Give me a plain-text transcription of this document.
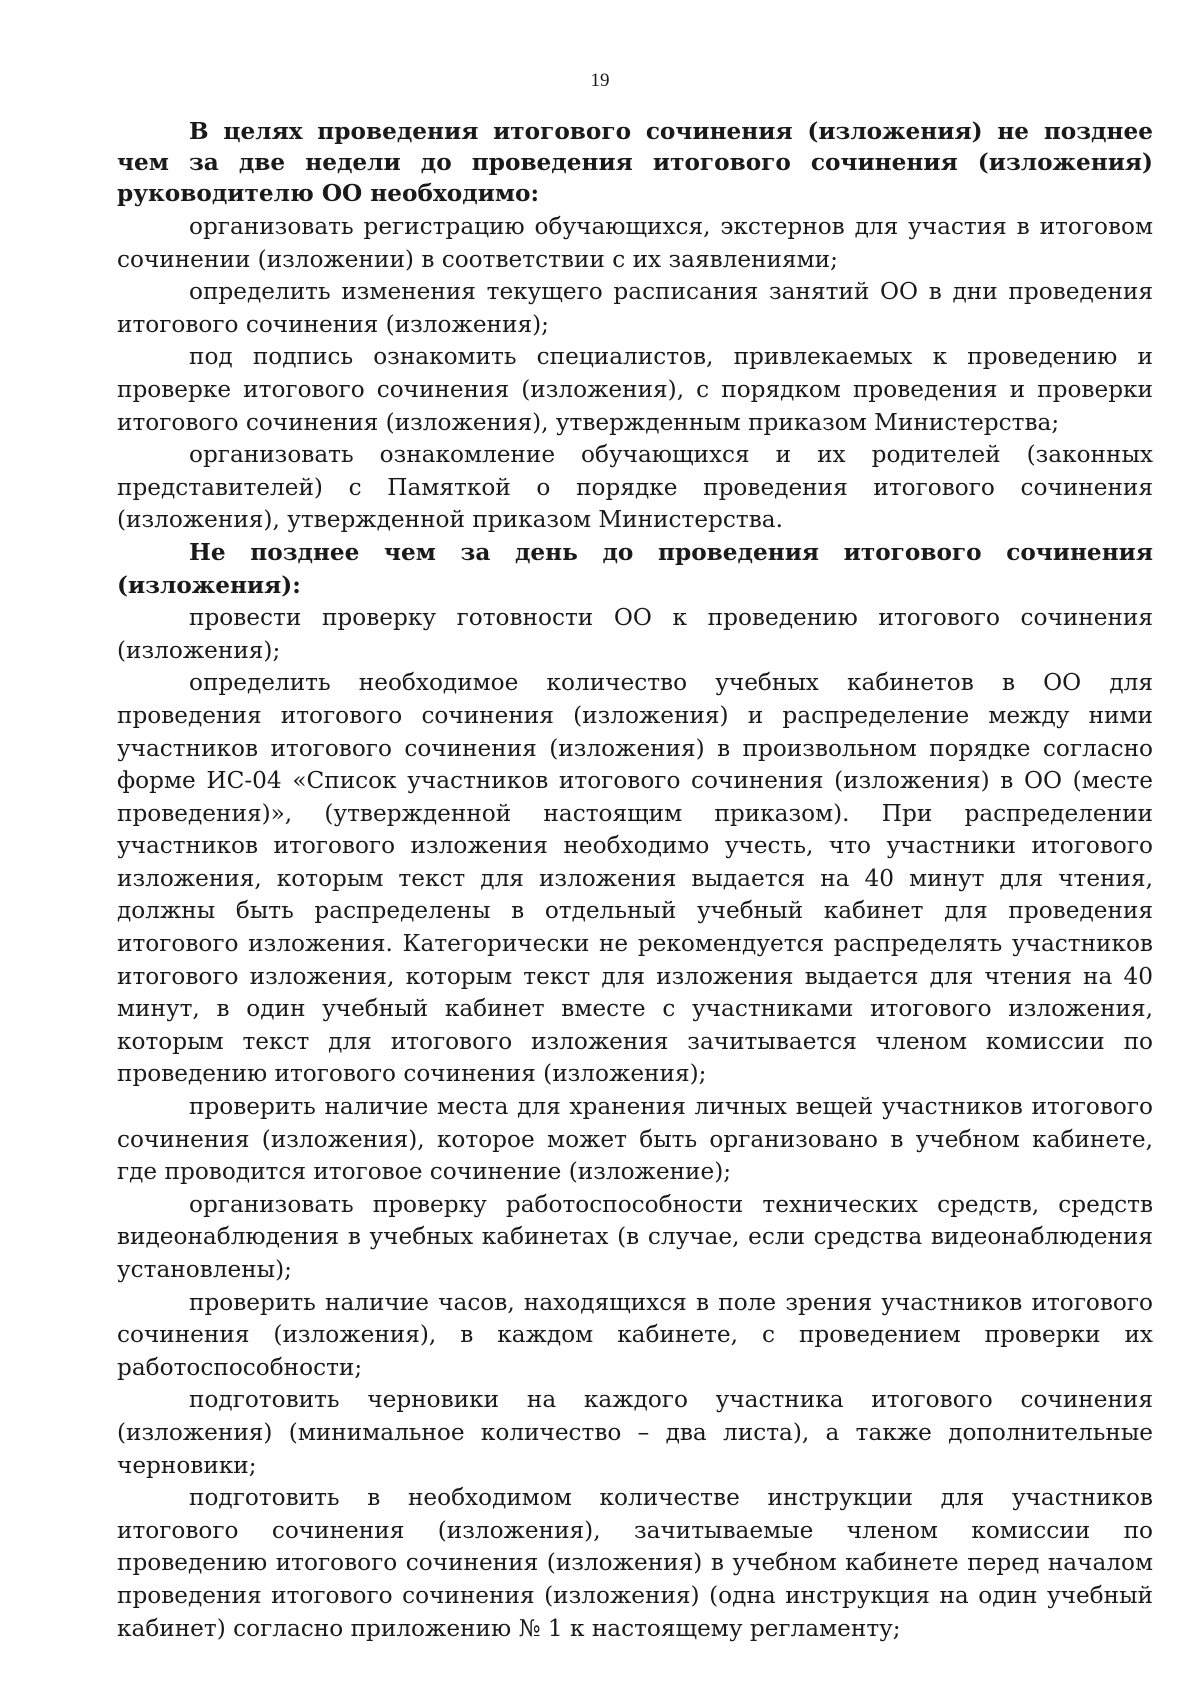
19

В целях проведения итогового сочинения (изложения) не позднее чем за две недели до проведения итогового сочинения (изложения) руководителю ОО необходимо:

организовать регистрацию обучающихся, экстернов для участия в итоговом сочинении (изложении) в соответствии с их заявлениями;

определить изменения текущего расписания занятий ОО в дни проведения итогового сочинения (изложения);

под подпись ознакомить специалистов, привлекаемых к проведению и проверке итогового сочинения (изложения), с порядком проведения и проверки итогового сочинения (изложения), утвержденным приказом Министерства;

организовать ознакомление обучающихся и их родителей (законных представителей) с Памяткой о порядке проведения итогового сочинения (изложения), утвержденной приказом Министерства.

Не позднее чем за день до проведения итогового сочинения (изложения):

провести проверку готовности ОО к проведению итогового сочинения (изложения);

определить необходимое количество учебных кабинетов в ОО для проведения итогового сочинения (изложения) и распределение между ними участников итогового сочинения (изложения) в произвольном порядке согласно форме ИС-04 «Список участников итогового сочинения (изложения) в ОО (месте проведения)», (утвержденной настоящим приказом). При распределении участников итогового изложения необходимо учесть, что участники итогового изложения, которым текст для изложения выдается на 40 минут для чтения, должны быть распределены в отдельный учебный кабинет для проведения итогового изложения. Категорически не рекомендуется распределять участников итогового изложения, которым текст для изложения выдается для чтения на 40 минут, в один учебный кабинет вместе с участниками итогового изложения, которым текст для итогового изложения зачитывается членом комиссии по проведению итогового сочинения (изложения);

проверить наличие места для хранения личных вещей участников итогового сочинения (изложения), которое может быть организовано в учебном кабинете, где проводится итоговое сочинение (изложение);

организовать проверку работоспособности технических средств, средств видеонаблюдения в учебных кабинетах (в случае, если средства видеонаблюдения установлены);

проверить наличие часов, находящихся в поле зрения участников итогового сочинения (изложения), в каждом кабинете, с проведением проверки их работоспособности;

подготовить черновики на каждого участника итогового сочинения (изложения) (минимальное количество – два листа), а также дополнительные черновики;

подготовить в необходимом количестве инструкции для участников итогового сочинения (изложения), зачитываемые членом комиссии по проведению итогового сочинения (изложения) в учебном кабинете перед началом проведения итогового сочинения (изложения) (одна инструкция на один учебный кабинет) согласно приложению № 1 к настоящему регламенту;
